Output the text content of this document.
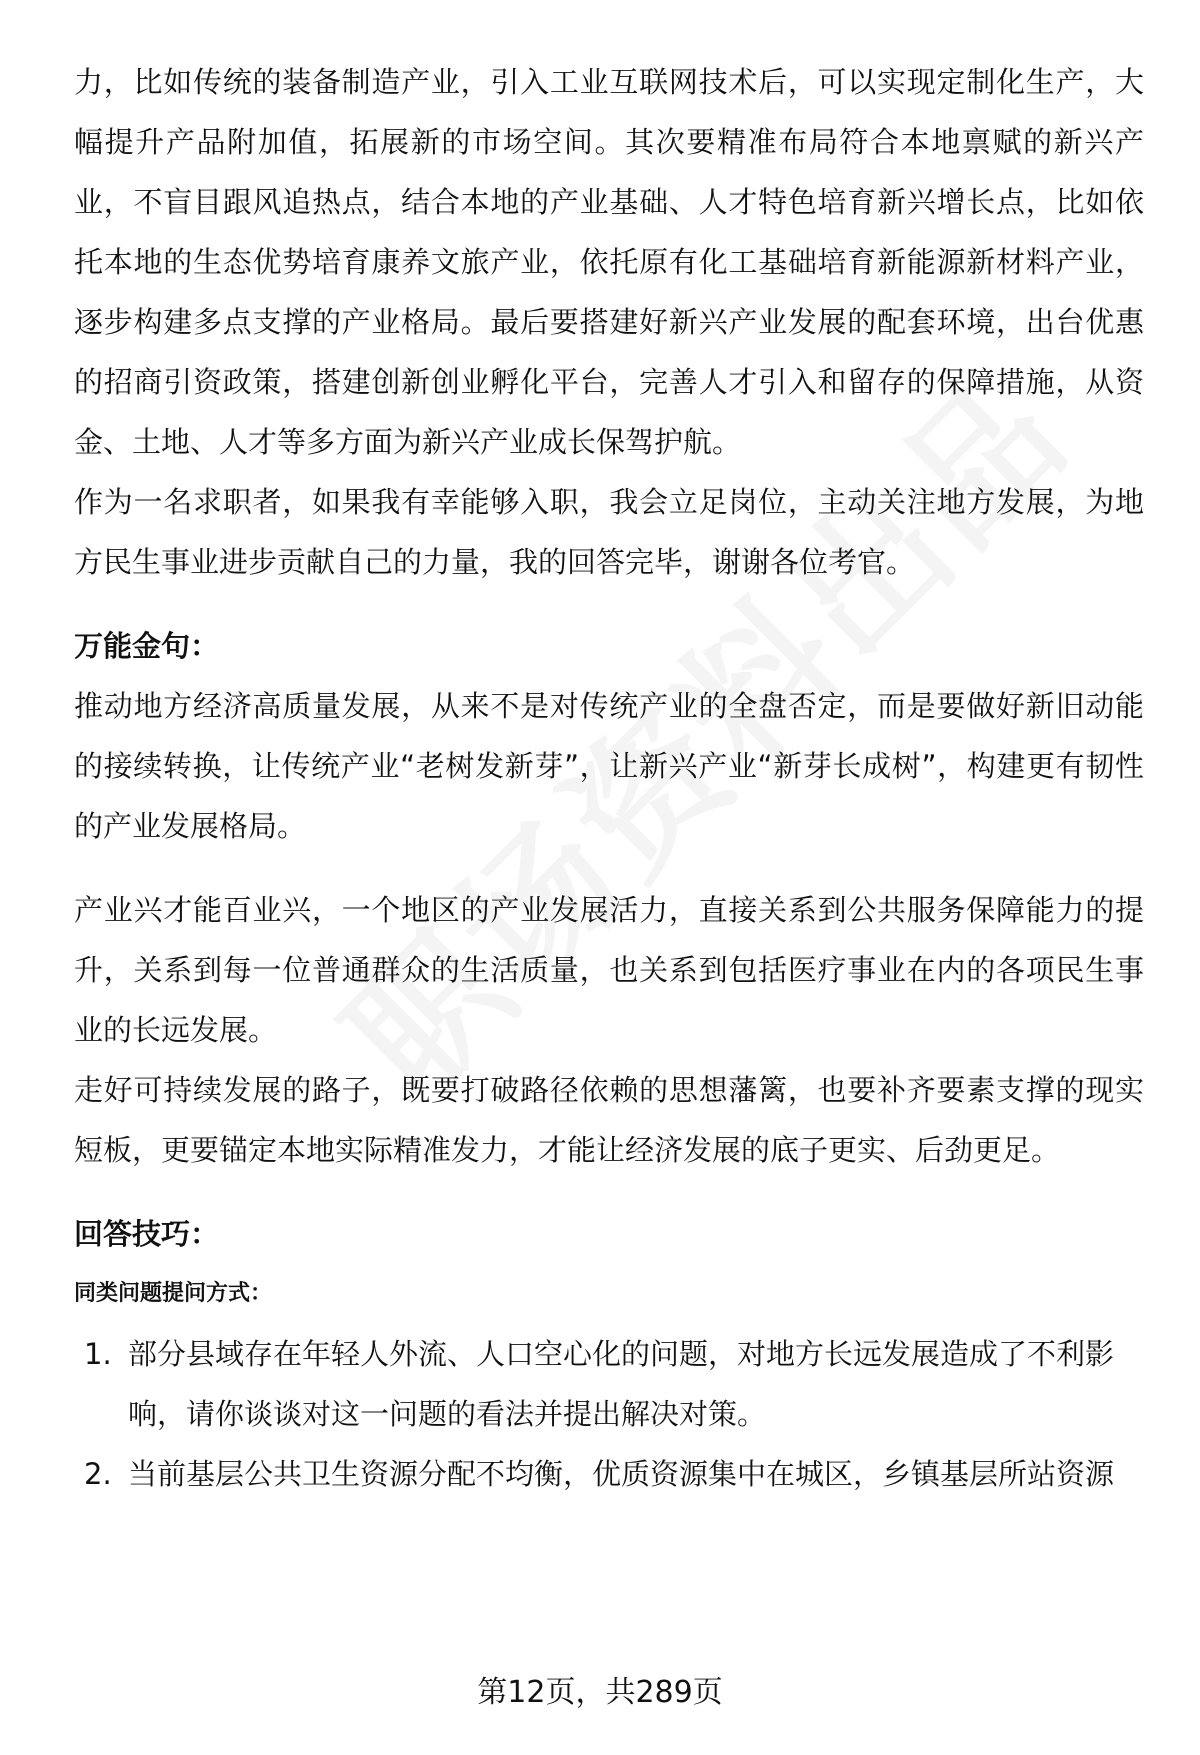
力，比如传统的装备制造产业，引入工业互联网技术后，可以实现定制化生产，大幅提升产品附加值，拓展新的市场空间。其次要精准布局符合本地禀赋的新兴产业，不盲目跟风追热点，结合本地的产业基础、人才特色培育新兴增长点，比如依托本地的生态优势培育康养文旅产业，依托原有化工基础培育新能源新材料产业，逐步构建多点支撑的产业格局。最后要搭建好新兴产业发展的配套环境，出台优惠的招商引资政策，搭建创新创业孵化平台，完善人才引入和留存的保障措施，从资金、土地、人才等多方面为新兴产业成长保驾护航。

作为一名求职者，如果我有幸能够入职，我会立足岗位，主动关注地方发展，为地方民生事业进步贡献自己的力量，我的回答完毕，谢谢各位考官。

万能金句：

推动地方经济高质量发展，从来不是对传统产业的全盘否定，而是要做好新旧动能的接续转换，让传统产业“老树发新芽”，让新兴产业“新芽长成树”，构建更有韧性的产业发展格局。

产业兴才能百业兴，一个地区的产业发展活力，直接关系到公共服务保障能力的提升，关系到每一位普通群众的生活质量，也关系到包括医疗事业在内的各项民生事业的长远发展。

走好可持续发展的路子，既要打破路径依赖的思想藩篱，也要补齐要素支撑的现实短板，更要锚定本地实际精准发力，才能让经济发展的底子更实、后劲更足。

回答技巧：

同类问题提问方式：

1. 部分县域存在年轻人外流、人口空心化的问题，对地方长远发展造成了不利影响，请你谈谈对这一问题的看法并提出解决对策。
2. 当前基层公共卫生资源分配不均衡，优质资源集中在城区，乡镇基层所站资源
第12页，共289页
